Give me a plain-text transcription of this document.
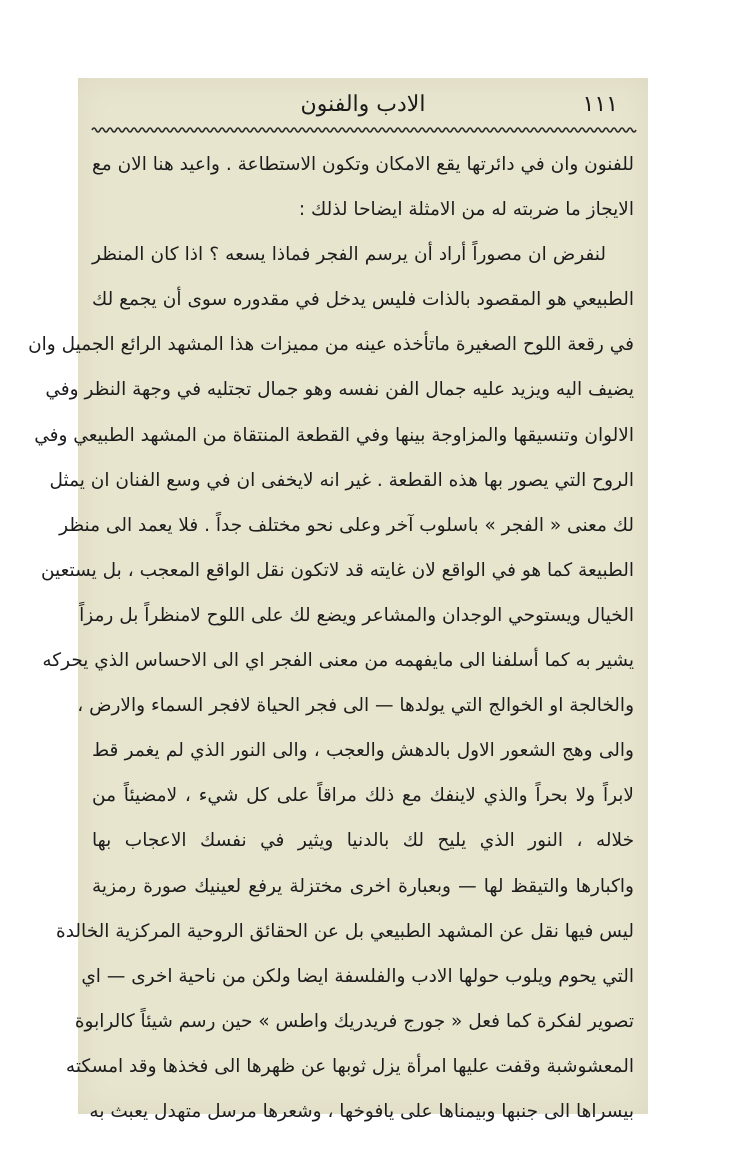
١١١
الادب والفنون
للفنون وان في دائرتها يقع الامكان وتكون الاستطاعة . واعيد هنا الان مع
الايجاز ما ضربته له من الامثلة ايضاحا لذلك :
لنفرض ان مصوراً أراد أن يرسم الفجر فماذا يسعه ؟ اذا كان المنظر
الطبيعي هو المقصود بالذات فليس يدخل في مقدوره سوى أن يجمع لك
في رقعة اللوح الصغيرة ماتأخذه عينه من مميزات هذا المشهد الرائع الجميل وان
يضيف اليه ويزيد عليه جمال الفن نفسه وهو جمال تجتليه في وجهة النظر وفي
الالوان وتنسيقها والمزاوجة بينها وفي القطعة المنتقاة من المشهد الطبيعي وفي
الروح التي يصور بها هذه القطعة . غير انه لايخفى ان في وسع الفنان ان يمثل
لك معنى « الفجر » باسلوب آخر وعلى نحو مختلف جداً . فلا يعمد الى منظر
الطبيعة كما هو في الواقع لان غايته قد لاتكون نقل الواقع المعجب ، بل يستعين
الخيال ويستوحي الوجدان والمشاعر ويضع لك على اللوح لامنظراً بل رمزاً
يشير به كما أسلفنا الى مايفهمه من معنى الفجر اي الى الاحساس الذي يحركه
والخالجة او الخوالج التي يولدها — الى فجر الحياة لافجر السماء والارض ،
والى وهج الشعور الاول بالدهش والعجب ، والى النور الذي لم يغمر قط
لابراً ولا بحراً والذي لاينفك مع ذلك مراقاً على كل شيء ، لامضيئاً من
خلاله ، النور الذي يليح لك بالدنيا ويثير في نفسك الاعجاب بها
واكبارها والتيقظ لها — وبعبارة اخرى مختزلة يرفع لعينيك صورة رمزية
ليس فيها نقل عن المشهد الطبيعي بل عن الحقائق الروحية المركزية الخالدة
التي يحوم ويلوب حولها الادب والفلسفة ايضا ولكن من ناحية اخرى — اي
تصوير لفكرة كما فعل « جورج فريدريك واطس » حين رسم شيئاً كالرابوة
المعشوشبة وقفت عليها امرأة يزل ثوبها عن ظهرها الى فخذها وقد امسكته
بيسراها الى جنبها وبيمناها على يافوخها ، وشعرها مرسل متهدل يعبث به
